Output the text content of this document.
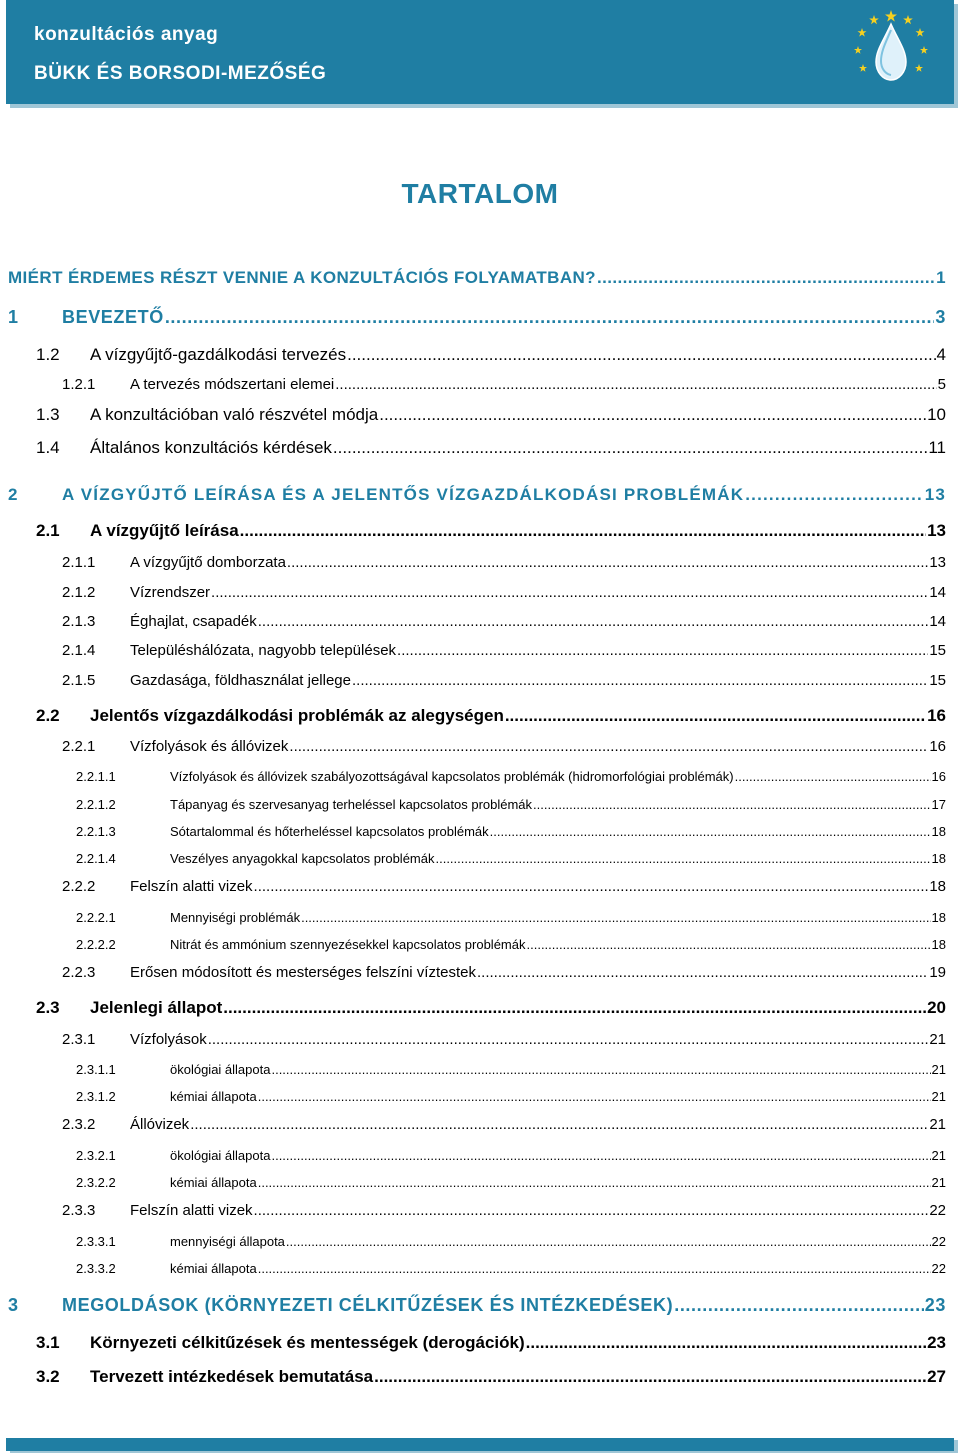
konzultációs anyag
BÜKK ÉS BORSODI-MEZŐSÉG
TARTALOM
MIÉRT ÉRDEMES RÉSZT VENNIE A KONZULTÁCIÓS FOLYAMATBAN? .....	1
1	BEVEZETŐ .....	3
1.2	A vízgyűjtő-gazdálkodási tervezés .....	4
1.2.1	A tervezés módszertani elemei .....	5
1.3	A konzultációban való részvétel módja .....	10
1.4	Általános konzultációs kérdések .....	11
2	A VÍZGYŰJTŐ LEÍRÁSA ÉS A JELENTŐS VÍZGAZDÁLKODÁSI PROBLÉMÁK .....	13
2.1	A vízgyűjtő leírása .....	13
2.1.1	A vízgyűjtő domborzata .....	13
2.1.2	Vízrendszer .....	14
2.1.3	Éghajlat, csapadék .....	14
2.1.4	Településhálózata, nagyobb települések .....	15
2.1.5	Gazdasága, földhasználat jellege .....	15
2.2	Jelentős vízgazdálkodási problémák az alegységen .....	16
2.2.1	Vízfolyások és állóvizek .....	16
2.2.1.1	Vízfolyások és állóvizek szabályozottságával kapcsolatos problémák (hidromorfológiai problémák) .....	16
2.2.1.2	Tápanyag és szervesanyag terheléssel kapcsolatos problémák .....	17
2.2.1.3	Sótartalommal és hőterheléssel kapcsolatos problémák .....	18
2.2.1.4	Veszélyes anyagokkal kapcsolatos problémák .....	18
2.2.2	Felszín alatti vizek .....	18
2.2.2.1	Mennyiségi problémák .....	18
2.2.2.2	Nitrát és ammónium szennyezésekkel kapcsolatos problémák .....	18
2.2.3	Erősen módosított és mesterséges felszíni víztestek .....	19
2.3	Jelenlegi állapot .....	20
2.3.1	Vízfolyások .....	21
2.3.1.1	ökológiai állapota .....	21
2.3.1.2	kémiai állapota .....	21
2.3.2	Állóvizek .....	21
2.3.2.1	ökológiai állapota .....	21
2.3.2.2	kémiai állapota .....	21
2.3.3	Felszín alatti vizek .....	22
2.3.3.1	mennyiségi állapota .....	22
2.3.3.2	kémiai állapota .....	22
3	MEGOLDÁSOK (KÖRNYEZETI CÉLKITŰZÉSEK ÉS INTÉZKEDÉSEK) .....	23
3.1	Környezeti célkitűzések és mentességek (derogációk) .....	23
3.2	Tervezett intézkedések bemutatása .....	27
